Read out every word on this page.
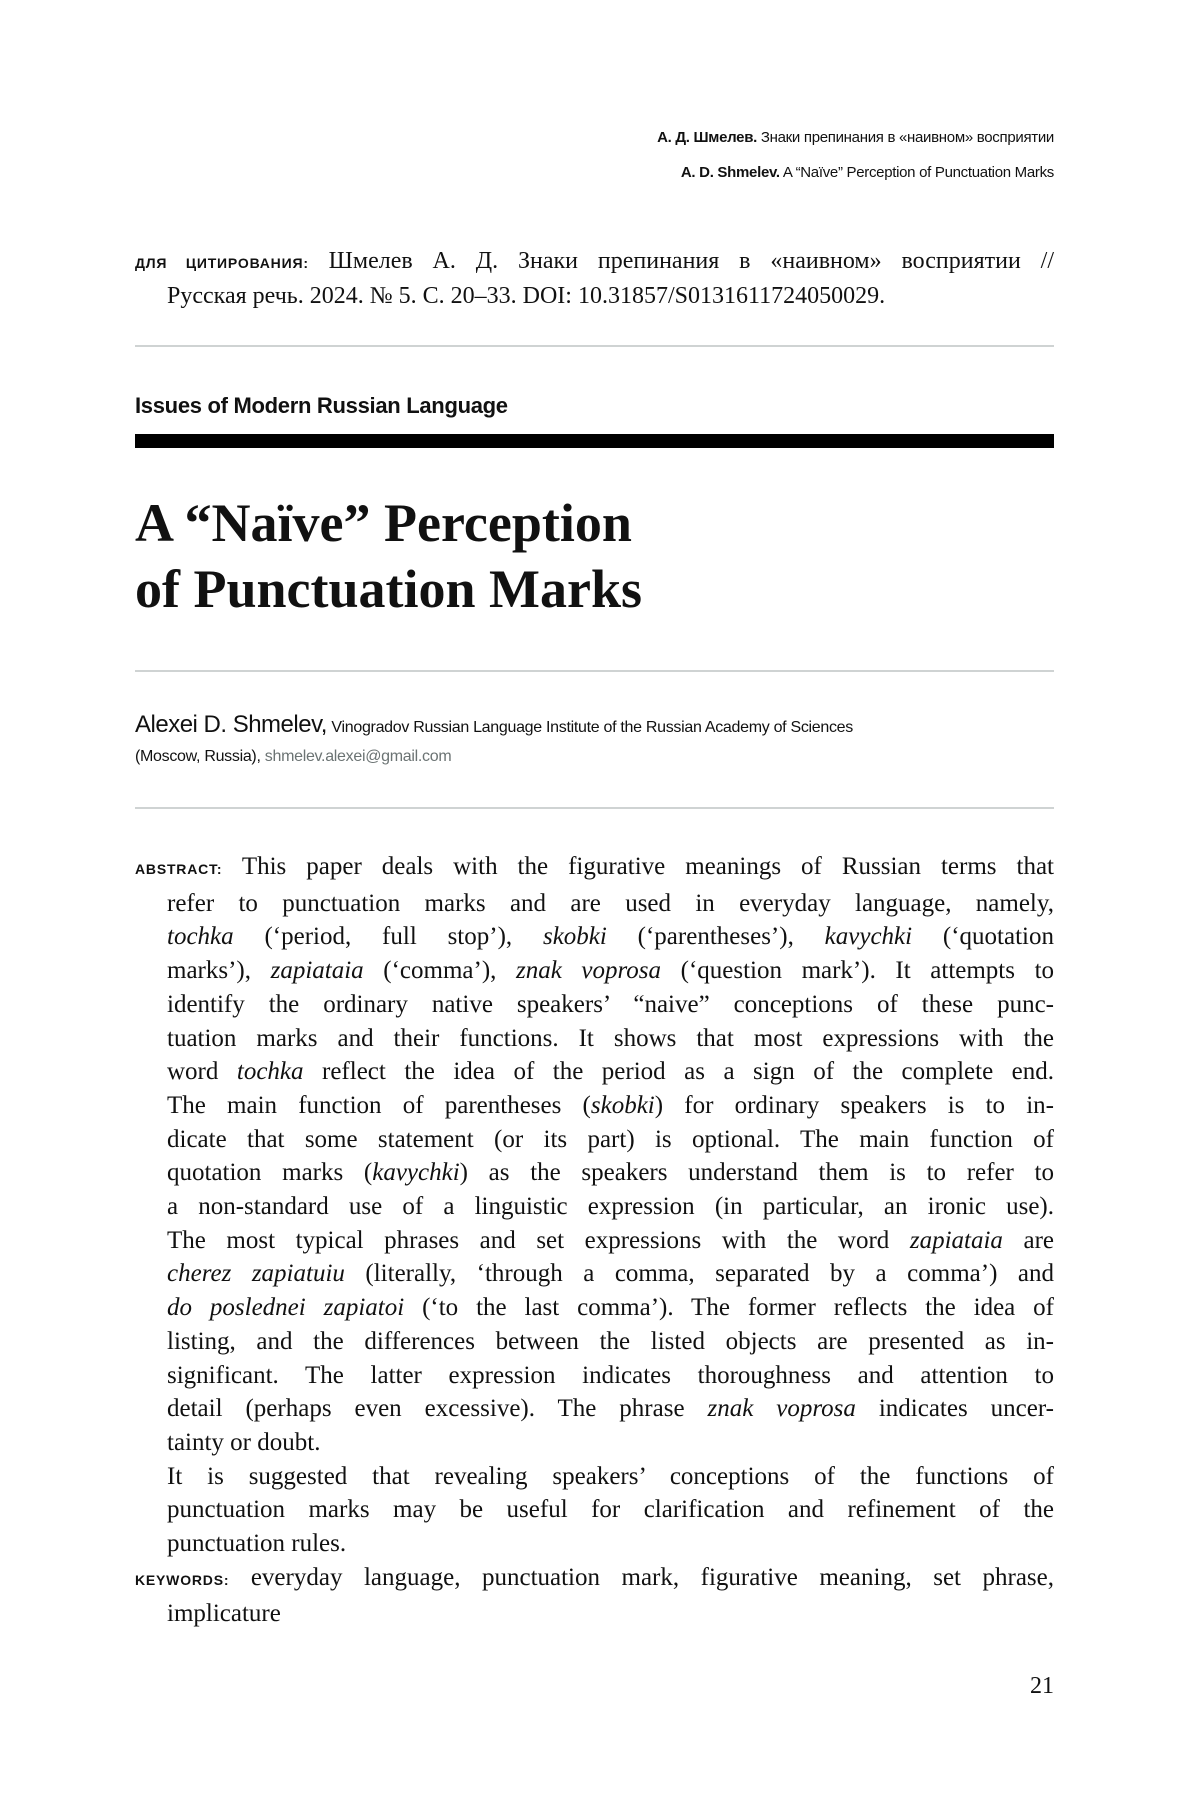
А. Д. Шмелев. Знаки препинания в «наивном» восприятии
A. D. Shmelev. A “Naïve” Perception of Punctuation Marks
ДЛЯ ЦИТИРОВАНИЯ: Шмелев А. Д. Знаки препинания в «наивном» восприятии //
Русская речь. 2024. № 5. С. 20–33. DOI: 10.31857/S0131611724050029.
Issues of Modern Russian Language
A “Naïve” Perception
of Punctuation Marks
Alexei D. Shmelev, Vinogradov Russian Language Institute of the Russian Academy of Sciences
(Moscow, Russia), shmelev.alexei@gmail.com
ABSTRACT: This paper deals with the figurative meanings of Russian terms that
refer to punctuation marks and are used in everyday language, namely,
tochka (‘period, full stop’), skobki (‘parentheses’), kavychki (‘quotation
marks’), zapiataia (‘comma’), znak voprosa (‘question mark’). It attempts to
identify the ordinary native speakers’ “naive” conceptions of these punc-
tuation marks and their functions. It shows that most expressions with the
word tochka reflect the idea of the period as a sign of the complete end.
The main function of parentheses (skobki) for ordinary speakers is to in-
dicate that some statement (or its part) is optional. The main function of
quotation marks (kavychki) as the speakers understand them is to refer to
a non-standard use of a linguistic expression (in particular, an ironic use).
The most typical phrases and set expressions with the word zapiataia are
cherez zapiatuiu (literally, ‘through a comma, separated by a comma’) and
do poslednei zapiatoi (‘to the last comma’). The former reflects the idea of
listing, and the differences between the listed objects are presented as in-
significant. The latter expression indicates thoroughness and attention to
detail (perhaps even excessive). The phrase znak voprosa indicates uncer-
tainty or doubt.
It is suggested that revealing speakers’ conceptions of the functions of
punctuation marks may be useful for clarification and refinement of the
punctuation rules.
KEYWORDS: everyday language, punctuation mark, figurative meaning, set phrase,
implicature
21
